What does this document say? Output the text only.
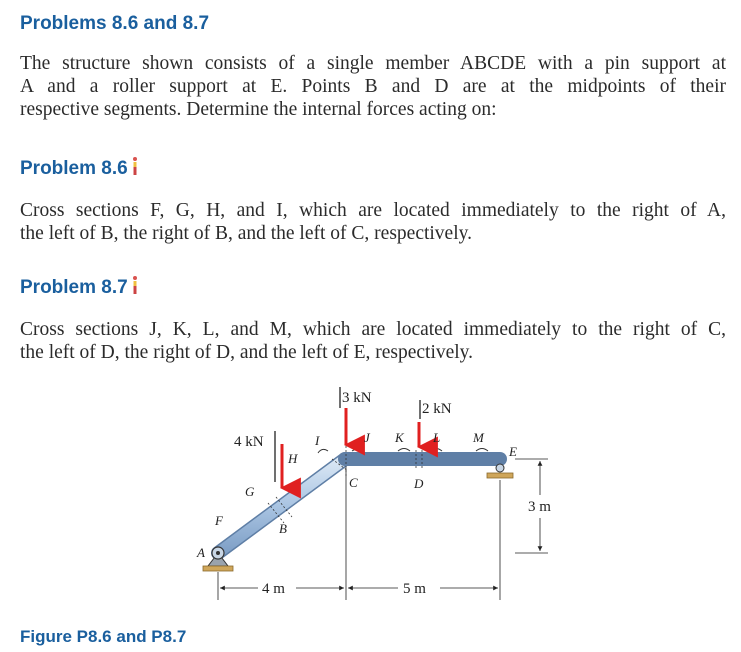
Problems 8.6 and 8.7
The structure shown consists of a single member ABCDE with a pin support at
A and a roller support at E. Points B and D are at the midpoints of their
respective segments. Determine the internal forces acting on:
Problem 8.6
Cross sections F, G, H, and I, which are located immediately to the right of A,
the left of B, the right of B, and the left of C, respectively.
Problem 8.7
Cross sections J, K, L, and M, which are located immediately to the right of C,
the left of D, the right of D, and the left of E, respectively.
4 kN
3 kN
2 kN
A
B
C	D
E
F
G
H
I	J K L	M
4 m	5 m
3 m
Figure P8.6 and P8.7
